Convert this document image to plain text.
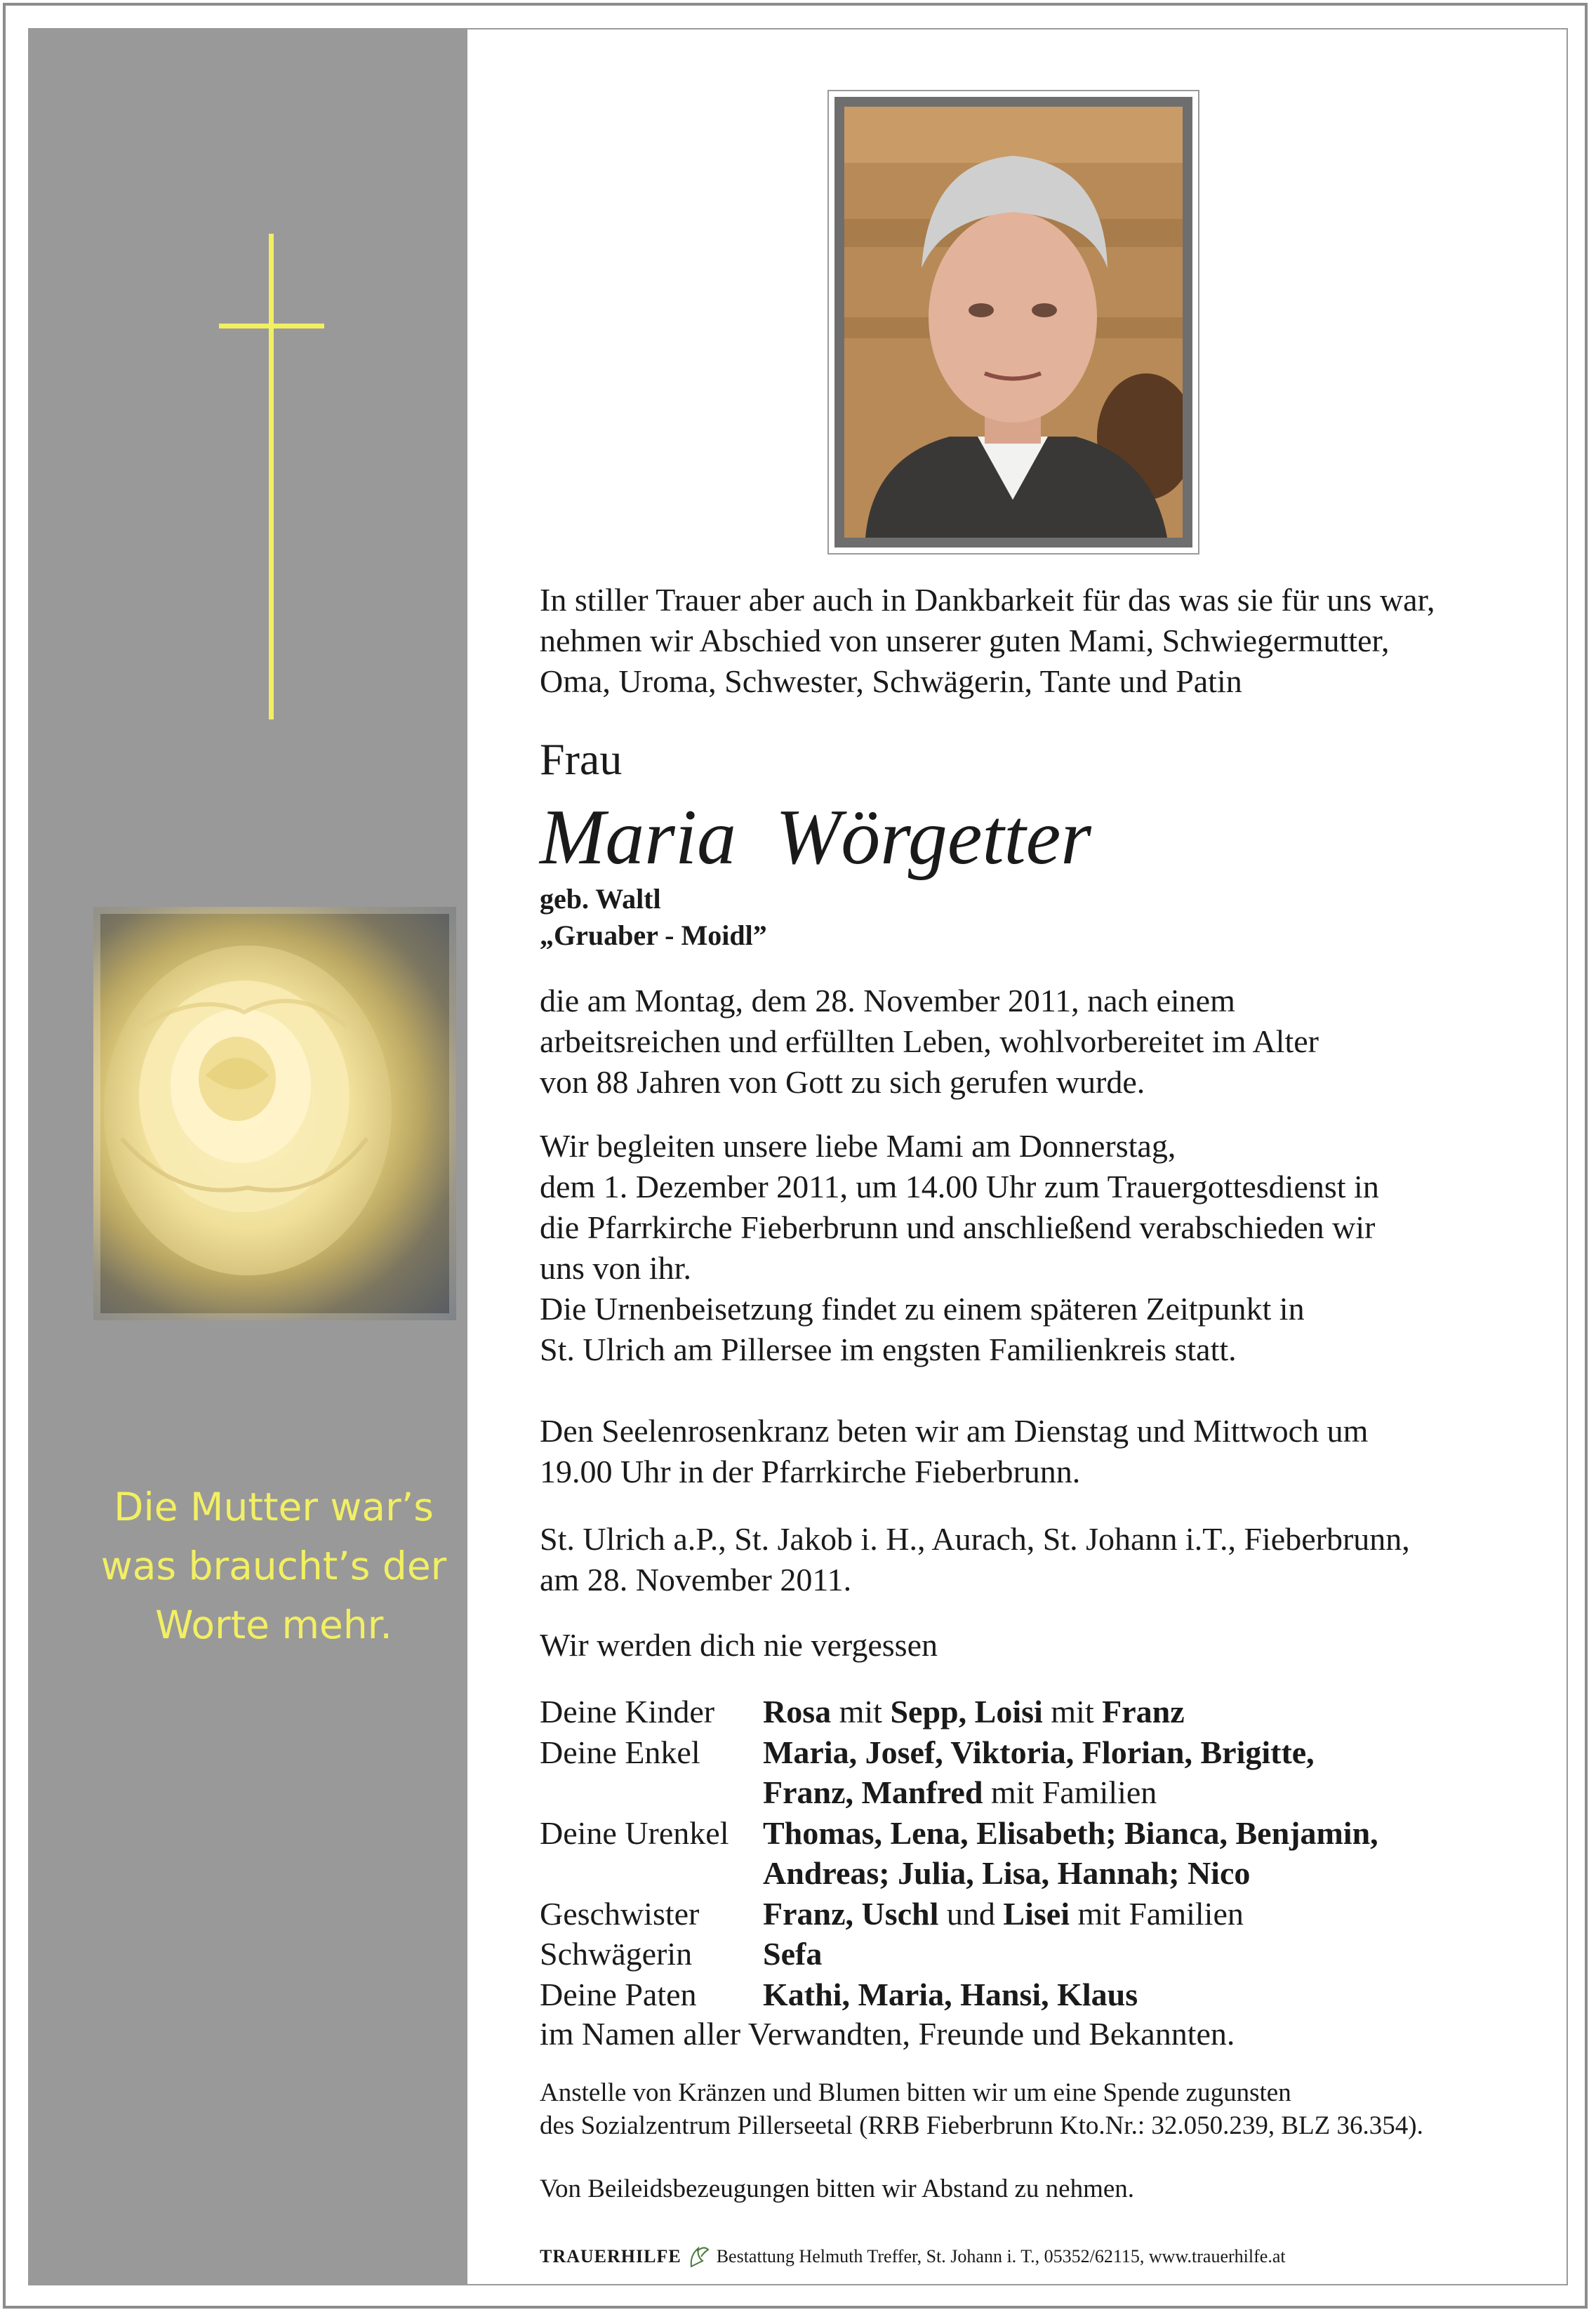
Die Mutter war’s
was braucht’s der
Worte mehr.

In stiller Trauer aber auch in Dankbarkeit für das was sie für uns war,

nehmen wir Abschied von unserer guten Mami, Schwiegermutter,

Oma, Uroma, Schwester, Schwägerin, Tante und Patin

Frau
Maria  Wörgetter

geb. Waltl

„Gruaber - Moidl”

die am Montag, dem 28. November 2011, nach einem

arbeitsreichen und erfüllten Leben, wohlvorbereitet im Alter

von 88 Jahren von Gott zu sich gerufen wurde.

Wir begleiten unsere liebe Mami am Donnerstag,

dem 1. Dezember 2011, um 14.00 Uhr zum Trauergottesdienst in

die Pfarrkirche Fieberbrunn und anschließend verabschieden wir

uns von ihr.

Die Urnenbeisetzung findet zu einem späteren Zeitpunkt in

St. Ulrich am Pillersee im engsten Familienkreis statt.

Den Seelenrosenkranz beten wir am Dienstag und Mittwoch um

19.00 Uhr in der Pfarrkirche Fieberbrunn.

St. Ulrich a.P., St. Jakob i. H., Aurach, St. Johann i.T., Fieberbrunn,

am 28. November 2011.

Wir werden dich nie vergessen
Deine Kinder	Rosa mit Sepp, Loisi mit Franz
Deine Enkel	Maria, Josef, Viktoria, Florian, Brigitte,
Franz, Manfred mit Familien
Deine Urenkel	Thomas, Lena, Elisabeth; Bianca, Benjamin,
Andreas; Julia, Lisa, Hannah; Nico
Geschwister	Franz, Uschl und Lisei mit Familien
Schwägerin	Sefa
Deine Paten	Kathi, Maria, Hansi, Klaus
im Namen aller Verwandten, Freunde und Bekannten.

Anstelle von Kränzen und Blumen bitten wir um eine Spende zugunsten

des Sozialzentrum Pillerseetal (RRB Fieberbrunn Kto.Nr.: 32.050.239, BLZ 36.354).

Von Beileidsbezeugungen bitten wir Abstand zu nehmen.
TRAUERHILFE Bestattung Helmuth Treffer, St. Johann i. T., 05352/62115, www.trauerhilfe.at
